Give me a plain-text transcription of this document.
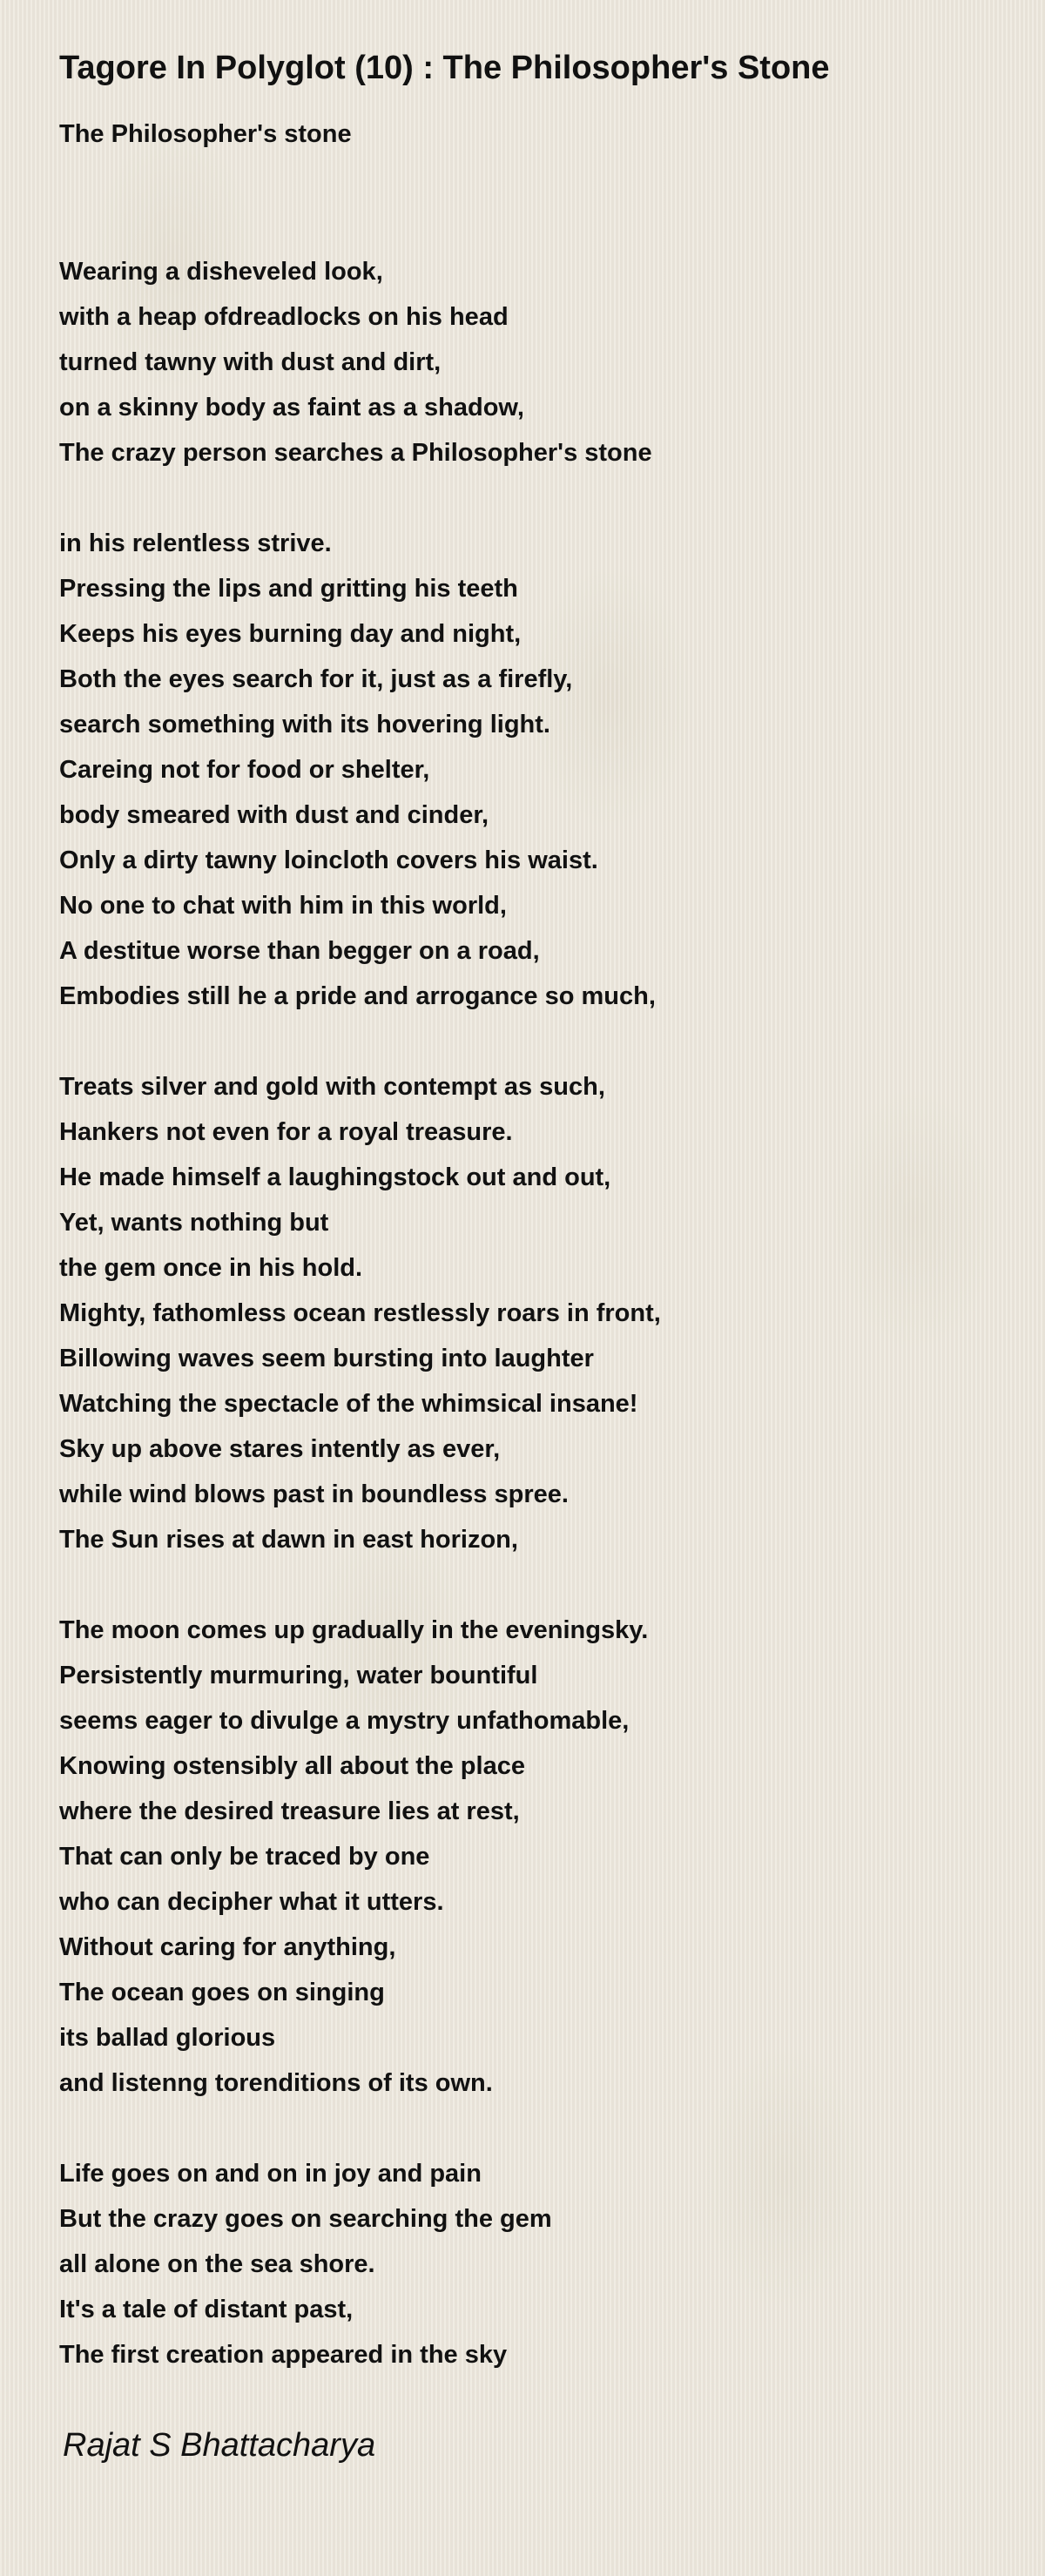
Tagore In Polyglot (10) : The Philosopher's Stone
The Philosopher's stone
Wearing a disheveled look,
with a heap ofdreadlocks on his head
turned tawny with dust and dirt,
on a skinny body as faint as a shadow,
The crazy person searches a Philosopher's stone
in his relentless strive.
Pressing the lips and gritting his teeth
Keeps his eyes burning day and night,
Both the eyes search for it, just as a firefly,
search something with its hovering light.
Careing not for food or shelter,
body smeared with dust and cinder,
Only a dirty tawny loincloth covers his waist.
No one to chat with him in this world,
A destitue worse than begger on a road,
Embodies still he a pride and arrogance so much,
Treats silver and gold with contempt as such,
Hankers not even for a royal treasure.
He made himself a laughingstock out and out,
Yet, wants nothing but
the gem once in his hold.
Mighty, fathomless ocean restlessly roars in front,
Billowing waves seem bursting into laughter
Watching the spectacle of the whimsical insane!
Sky up above stares intently as ever,
while wind blows past in boundless spree.
The Sun rises at dawn in east horizon,
The moon comes up gradually in the eveningsky.
Persistently murmuring, water bountiful
seems eager to divulge a mystry unfathomable,
Knowing ostensibly all about the place
where the desired treasure lies at rest,
That can only be traced by one
who can decipher what it utters.
Without caring for anything,
The ocean goes on singing
its ballad glorious
and listenng torenditions of its own.
Life goes on and on in joy and pain
But the crazy goes on searching the gem
all alone on the sea shore.
It's a tale of distant past,
The first creation appeared in the sky
Rajat S Bhattacharya
